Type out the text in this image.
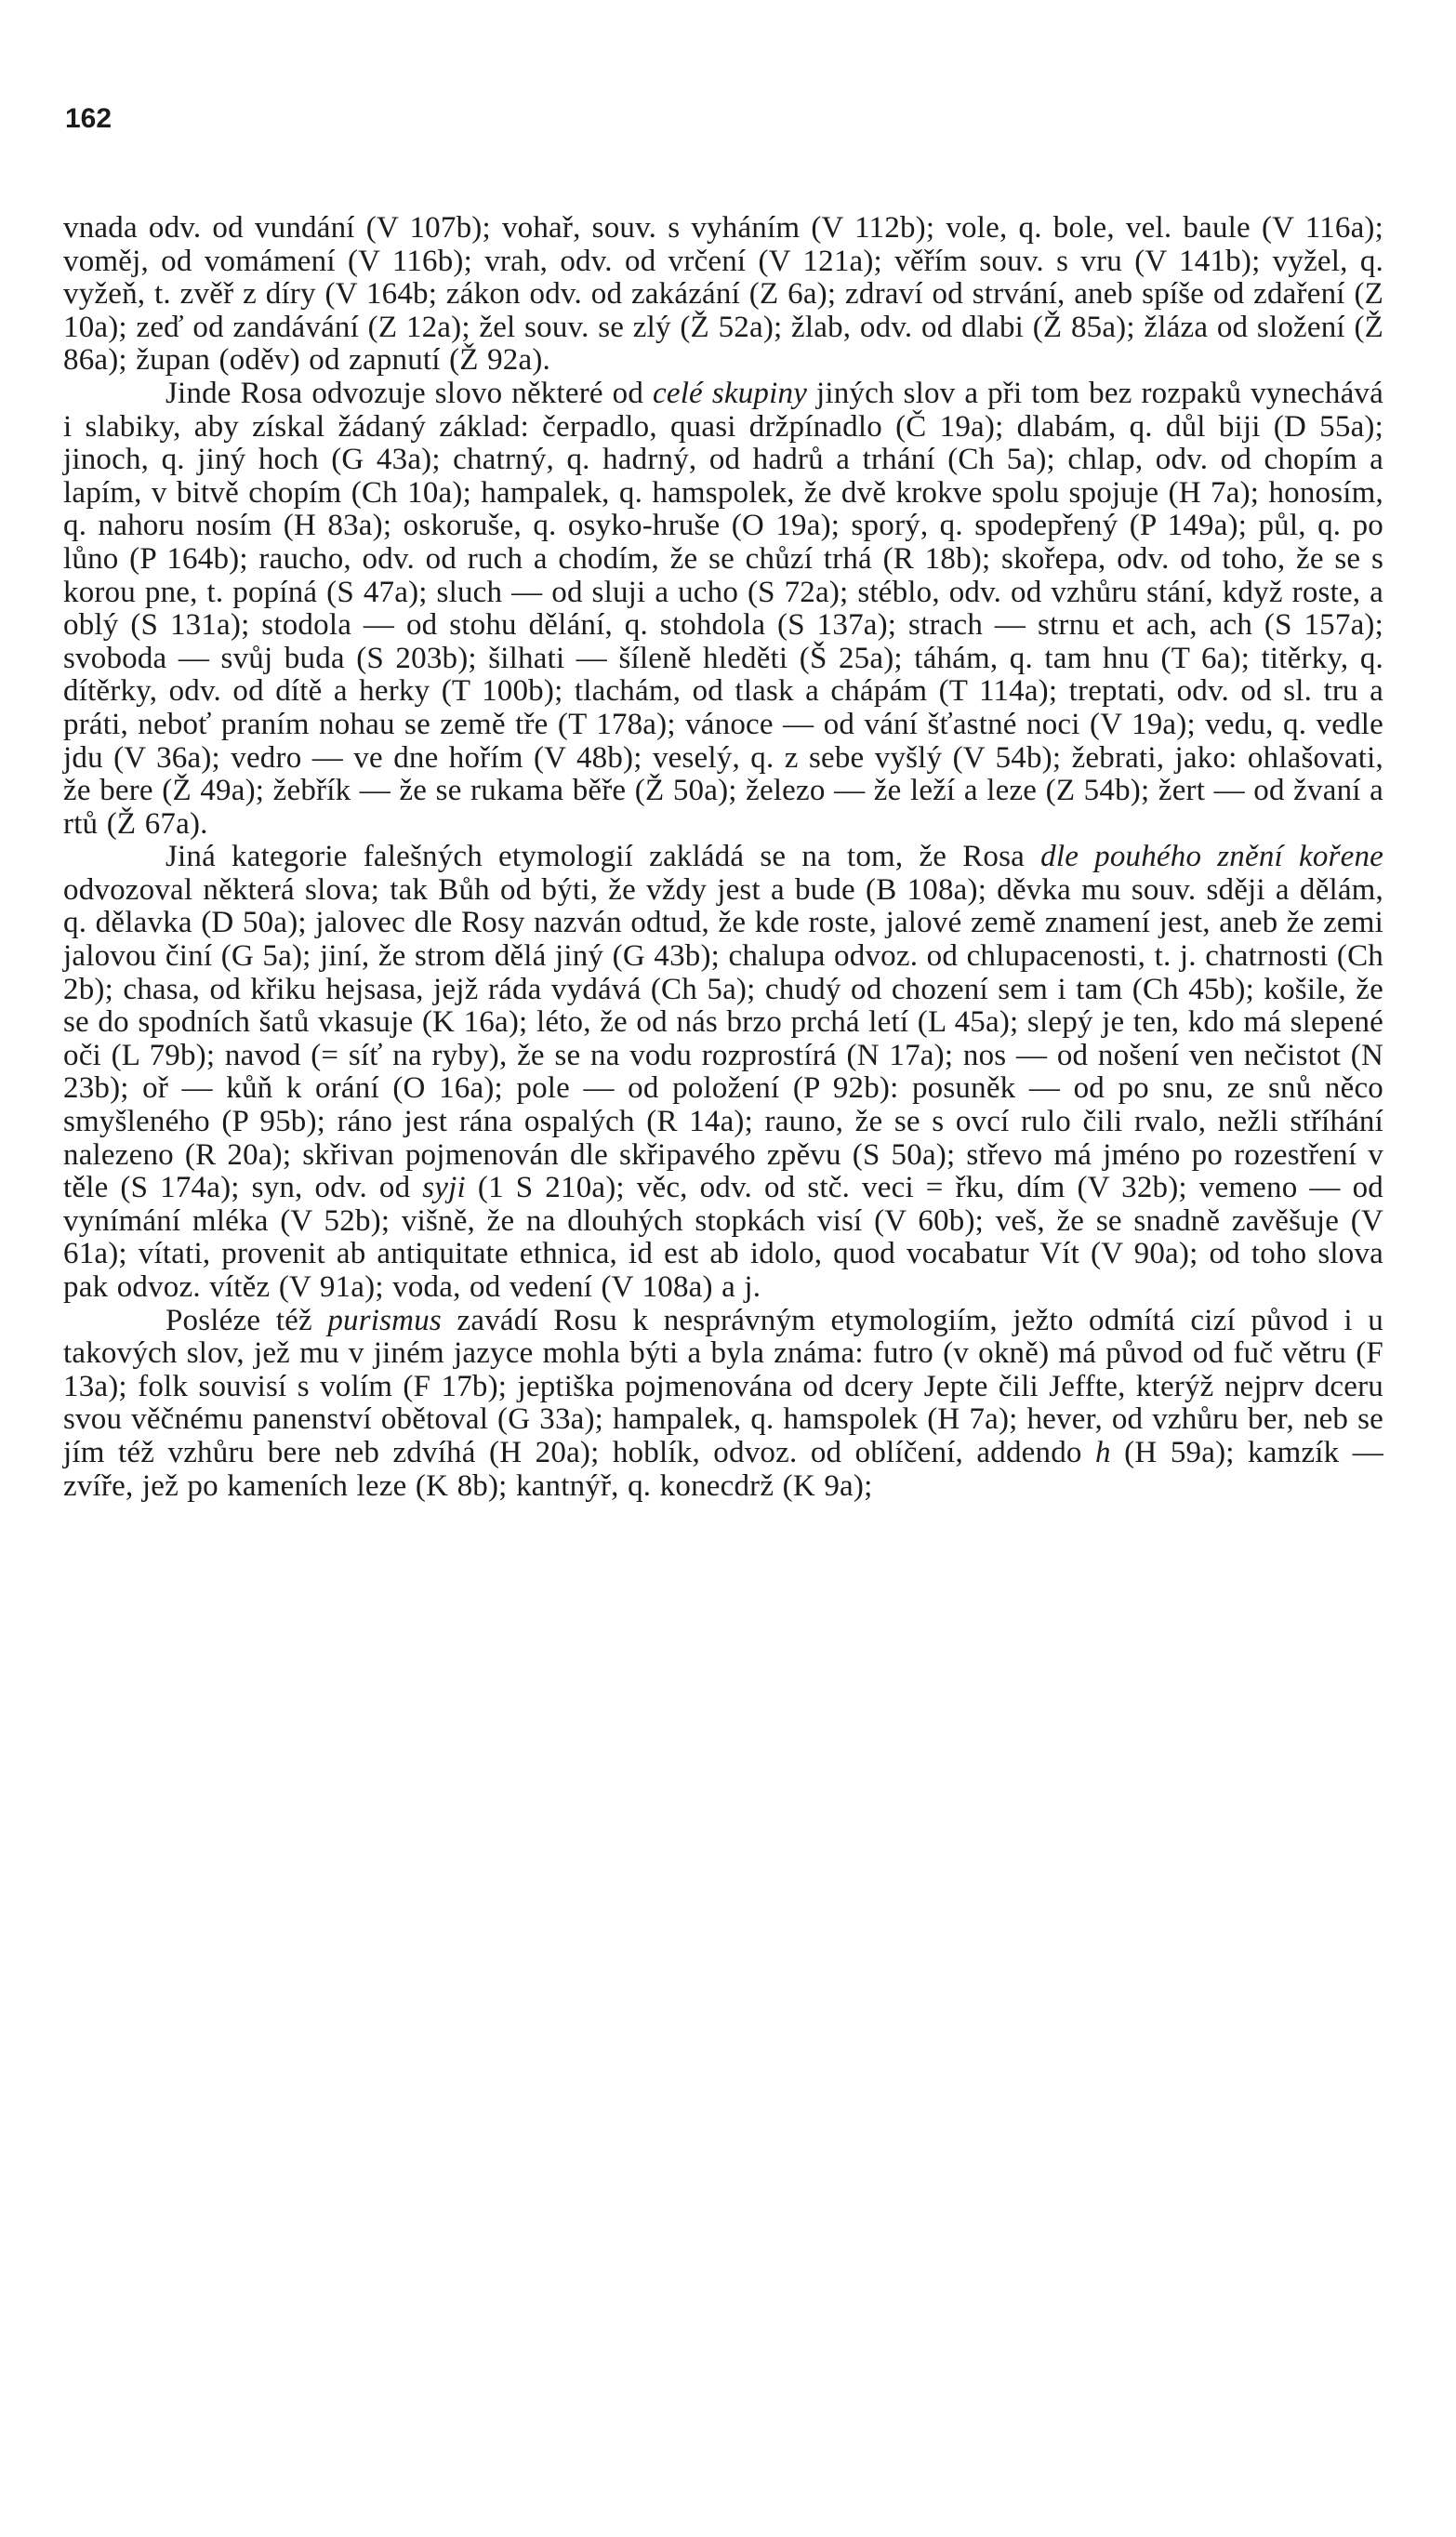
162

vnada odv. od vundání (V 107b); vohař, souv. s vyháním (V 112b); vole, q. bole, vel. baule (V 116a); voměj, od vomámení (V 116b); vrah, odv. od vrčení (V 121a); věřím souv. s vru (V 141b); vyžel, q. vyžeň, t. zvěř z díry (V 164b; zákon odv. od zakázání (Z 6a); zdraví od strvání, aneb spíše od zdaření (Z 10a); zeď od zandávání (Z 12a); žel souv. se zlý (Ž 52a); žlab, odv. od dlabi (Ž 85a); žláza od složení (Ž 86a); župan (oděv) od zapnutí (Ž 92a).

Jinde Rosa odvozuje slovo některé od celé skupiny jiných slov a při tom bez rozpaků vynechává i slabiky, aby získal žádaný základ: čerpadlo, quasi držpínadlo (Č 19a); dlabám, q. důl biji (D 55a); jinoch, q. jiný hoch (G 43a); chatrný, q. hadrný, od hadrů a trhání (Ch 5a); chlap, odv. od chopím a lapím, v bitvě chopím (Ch 10a); hampalek, q. hamspolek, že dvě krokve spolu spojuje (H 7a); honosím, q. nahoru nosím (H 83a); oskoruše, q. osyko-hruše (O 19a); sporý, q. spodepřený (P 149a); půl, q. po lůno (P 164b); raucho, odv. od ruch a chodím, že se chůzí trhá (R 18b); skořepa, odv. od toho, že se s korou pne, t. popíná (S 47a); sluch — od sluji a ucho (S 72a); stéblo, odv. od vzhůru stání, když roste, a oblý (S 131a); stodola — od stohu dělání, q. stohdola (S 137a); strach — strnu et ach, ach (S 157a); svoboda — svůj buda (S 203b); šilhati — šíleně hleděti (Š 25a); táhám, q. tam hnu (T 6a); titěrky, q. dítěrky, odv. od dítě a herky (T 100b); tlachám, od tlask a chápám (T 114a); treptati, odv. od sl. tru a práti, neboť praním nohau se země tře (T 178a); vánoce — od vání šťastné noci (V 19a); vedu, q. vedle jdu (V 36a); vedro — ve dne hořím (V 48b); veselý, q. z sebe vyšlý (V 54b); žebrati, jako: ohlašovati, že bere (Ž 49a); žebřík — že se rukama běře (Ž 50a); železo — že leží a leze (Z 54b); žert — od žvaní a rtů (Ž 67a).

Jiná kategorie falešných etymologií zakládá se na tom, že Rosa dle pouhého znění kořene odvozoval některá slova; tak Bůh od býti, že vždy jest a bude (B 108a); děvka mu souv. sději a dělám, q. dělavka (D 50a); jalovec dle Rosy nazván odtud, že kde roste, jalové země znamení jest, aneb že zemi jalovou činí (G 5a); jiní, že strom dělá jiný (G 43b); chalupa odvoz. od chlupacenosti, t. j. chatrnosti (Ch 2b); chasa, od křiku hejsasa, jejž ráda vydává (Ch 5a); chudý od chození sem i tam (Ch 45b); košile, že se do spodních šatů vkasuje (K 16a); léto, že od nás brzo prchá letí (L 45a); slepý je ten, kdo má slepené oči (L 79b); navod (= síť na ryby), že se na vodu rozprostírá (N 17a); nos — od nošení ven nečistot (N 23b); oř — kůň k orání (O 16a); pole — od položení (P 92b): posuněk — od po snu, ze snů něco smyšleného (P 95b); ráno jest rána ospalých (R 14a); rauno, že se s ovcí rulo čili rvalo, nežli stříhání nalezeno (R 20a); skřivan pojmenován dle skřipavého zpěvu (S 50a); střevo má jméno po rozestření v těle (S 174a); syn, odv. od syji (1 S 210a); věc, odv. od stč. veci = řku, dím (V 32b); vemeno — od vynímání mléka (V 52b); višně, že na dlouhých stopkách visí (V 60b); veš, že se snadně zavěšuje (V 61a); vítati, provenit ab antiquitate ethnica, id est ab idolo, quod vocabatur Vít (V 90a); od toho slova pak odvoz. vítěz (V 91a); voda, od vedení (V 108a) a j.

Posléze též purismus zavádí Rosu k nesprávným etymologiím, ježto odmítá cizí původ i u takových slov, jež mu v jiném jazyce mohla býti a byla známa: futro (v okně) má původ od fuč větru (F 13a); folk souvisí s volím (F 17b); jeptiška pojmenována od dcery Jepte čili Jeffte, kterýž nejprv dceru svou věčnému panenství obětoval (G 33a); hampalek, q. hamspolek (H 7a); hever, od vzhůru ber, neb se jím též vzhůru bere neb zdvíhá (H 20a); hoblík, odvoz. od oblíčení, addendo h (H 59a); kamzík — zvíře, jež po kameních leze (K 8b); kantnýř, q. konecdrž (K 9a);
